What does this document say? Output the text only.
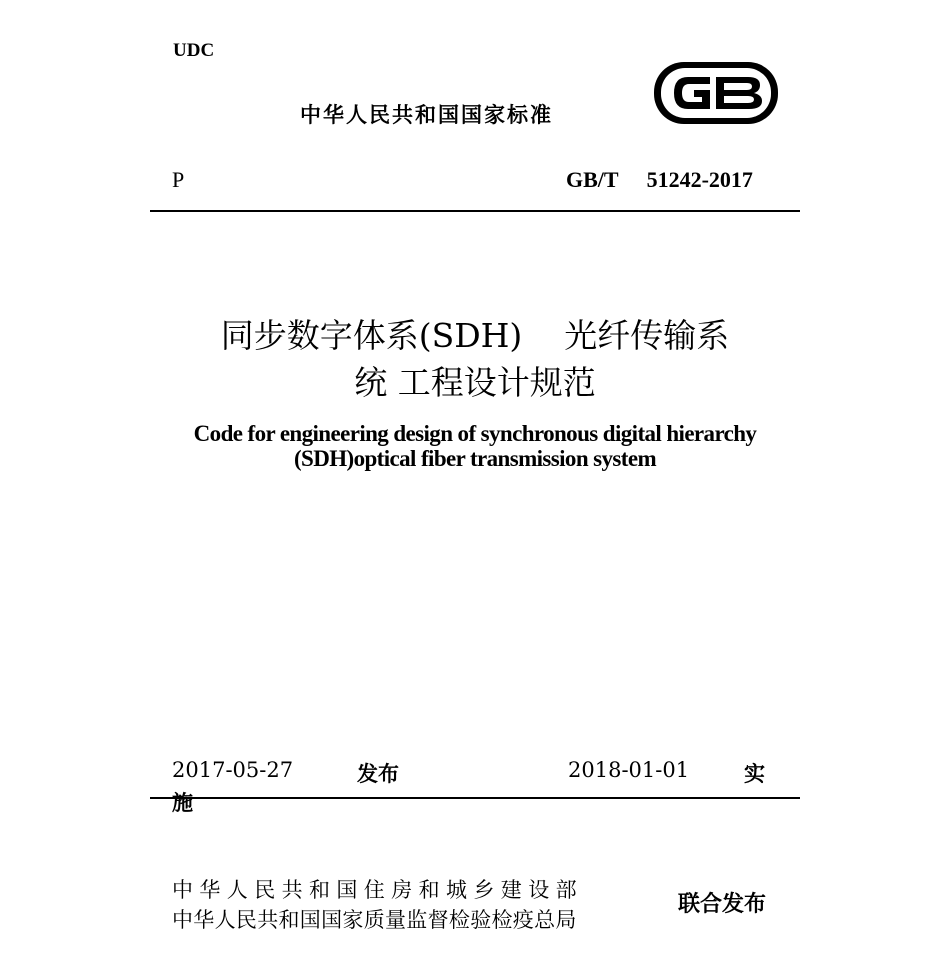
UDC
中华人民共和国国家标准
P	GB/T 51242-2017
同步数字体系(SDH)    光纤传输系
统 工程设计规范
Code for engineering design of synchronous digital hierarchy
(SDH)optical fiber transmission system
2017-05-27	发布	2018-01-01	实
施
中华人民共和国住房和城乡建设部
中华人民共和国国家质量监督检验检疫总局
联合发布
